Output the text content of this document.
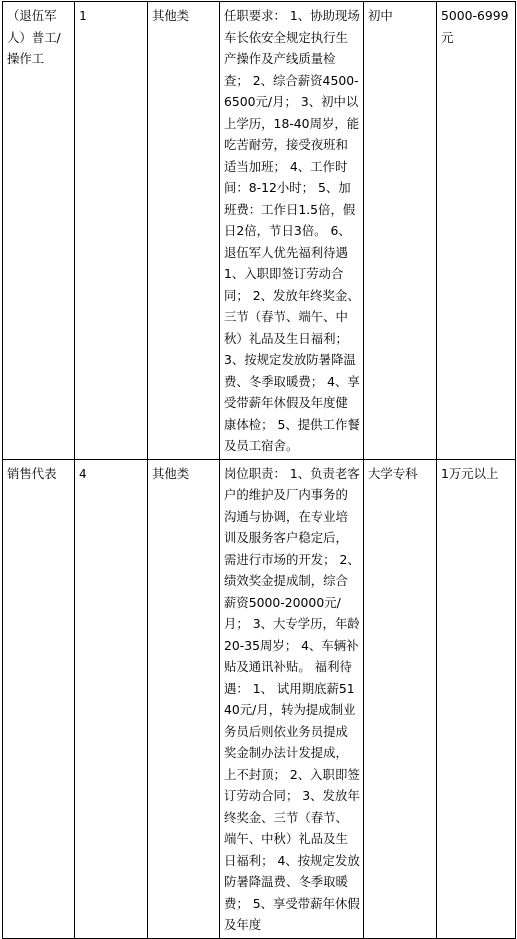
（退伍军人）普工/操作工	1	其他类	任职要求： 1、协助现场车长依安全规定执行生产操作及产线质量检查； 2、综合薪资4500-6500元/月； 3、初中以上学历，18-40周岁，能吃苦耐劳，接受夜班和适当加班； 4、工作时间：8-12小时； 5、加班费：工作日1.5倍，假日2倍，节日3倍。 6、退伍军人优先福利待遇 1、入职即签订劳动合同； 2、发放年终奖金、三节（春节、端午、中秋）礼品及生日福利； 3、按规定发放防暑降温费、冬季取暖费； 4、享受带薪年休假及年度健康体检； 5、提供工作餐及员工宿舍。	初中	5000-6999元
销售代表	4	其他类	岗位职责： 1、负责老客户的维护及厂内事务的沟通与协调，在专业培训及服务客户稳定后，需进行市场的开发； 2、绩效奖金提成制，综合薪资5000-20000元/月； 3、大专学历，年龄20-35周岁； 4、车辆补贴及通讯补贴。 福利待遇： 1、 试用期底薪5140元/月，转为提成制业务员后则依业务员提成奖金制办法计发提成，上不封顶； 2、入职即签订劳动合同； 3、发放年终奖金、三节（春节、端午、中秋）礼品及生日福利； 4、按规定发放防暑降温费、冬季取暖费； 5、享受带薪年休假及年度	大学专科	1万元以上
